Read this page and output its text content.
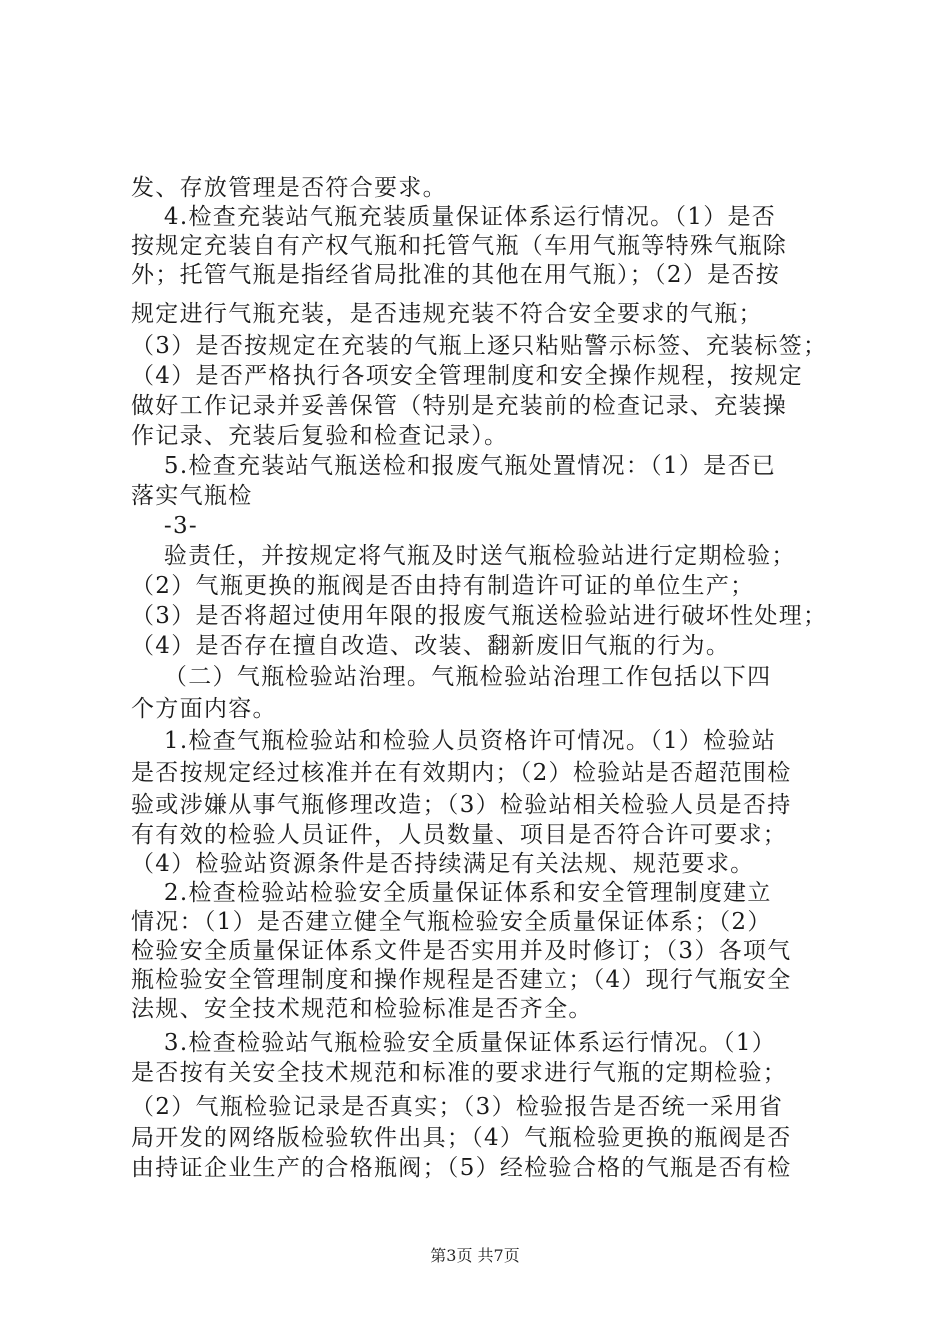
发、存放管理是否符合要求。
　 4.检查充装站气瓶充装质量保证体系运行情况。（1）是否
按规定充装自有产权气瓶和托管气瓶（车用气瓶等特殊气瓶除
外；托管气瓶是指经省局批准的其他在用气瓶）；（2）是否按
规定进行气瓶充装，是否违规充装不符合安全要求的气瓶；
（3）是否按规定在充装的气瓶上逐只粘贴警示标签、充装标签；
（4）是否严格执行各项安全管理制度和安全操作规程，按规定
做好工作记录并妥善保管（特别是充装前的检查记录、充装操
作记录、充装后复验和检查记录）。
　 5.检查充装站气瓶送检和报废气瓶处置情况：（1）是否已
落实气瓶检
　 -3-
　 验责任，并按规定将气瓶及时送气瓶检验站进行定期检验；
（2）气瓶更换的瓶阀是否由持有制造许可证的单位生产；
（3）是否将超过使用年限的报废气瓶送检验站进行破坏性处理；
（4）是否存在擅自改造、改装、翻新废旧气瓶的行为。
　 （二）气瓶检验站治理。气瓶检验站治理工作包括以下四
个方面内容。
　 1.检查气瓶检验站和检验人员资格许可情况。（1）检验站
是否按规定经过核准并在有效期内；（2）检验站是否超范围检
验或涉嫌从事气瓶修理改造；（3）检验站相关检验人员是否持
有有效的检验人员证件，人员数量、项目是否符合许可要求；
（4）检验站资源条件是否持续满足有关法规、规范要求。
　 2.检查检验站检验安全质量保证体系和安全管理制度建立
情况：（1）是否建立健全气瓶检验安全质量保证体系；（2）
检验安全质量保证体系文件是否实用并及时修订；（3）各项气
瓶检验安全管理制度和操作规程是否建立；（4）现行气瓶安全
法规、安全技术规范和检验标准是否齐全。
　 3.检查检验站气瓶检验安全质量保证体系运行情况。（1）
是否按有关安全技术规范和标准的要求进行气瓶的定期检验；
（2）气瓶检验记录是否真实；（3）检验报告是否统一采用省
局开发的网络版检验软件出具；（4）气瓶检验更换的瓶阀是否
由持证企业生产的合格瓶阀；（5）经检验合格的气瓶是否有检
第3页 共7页
